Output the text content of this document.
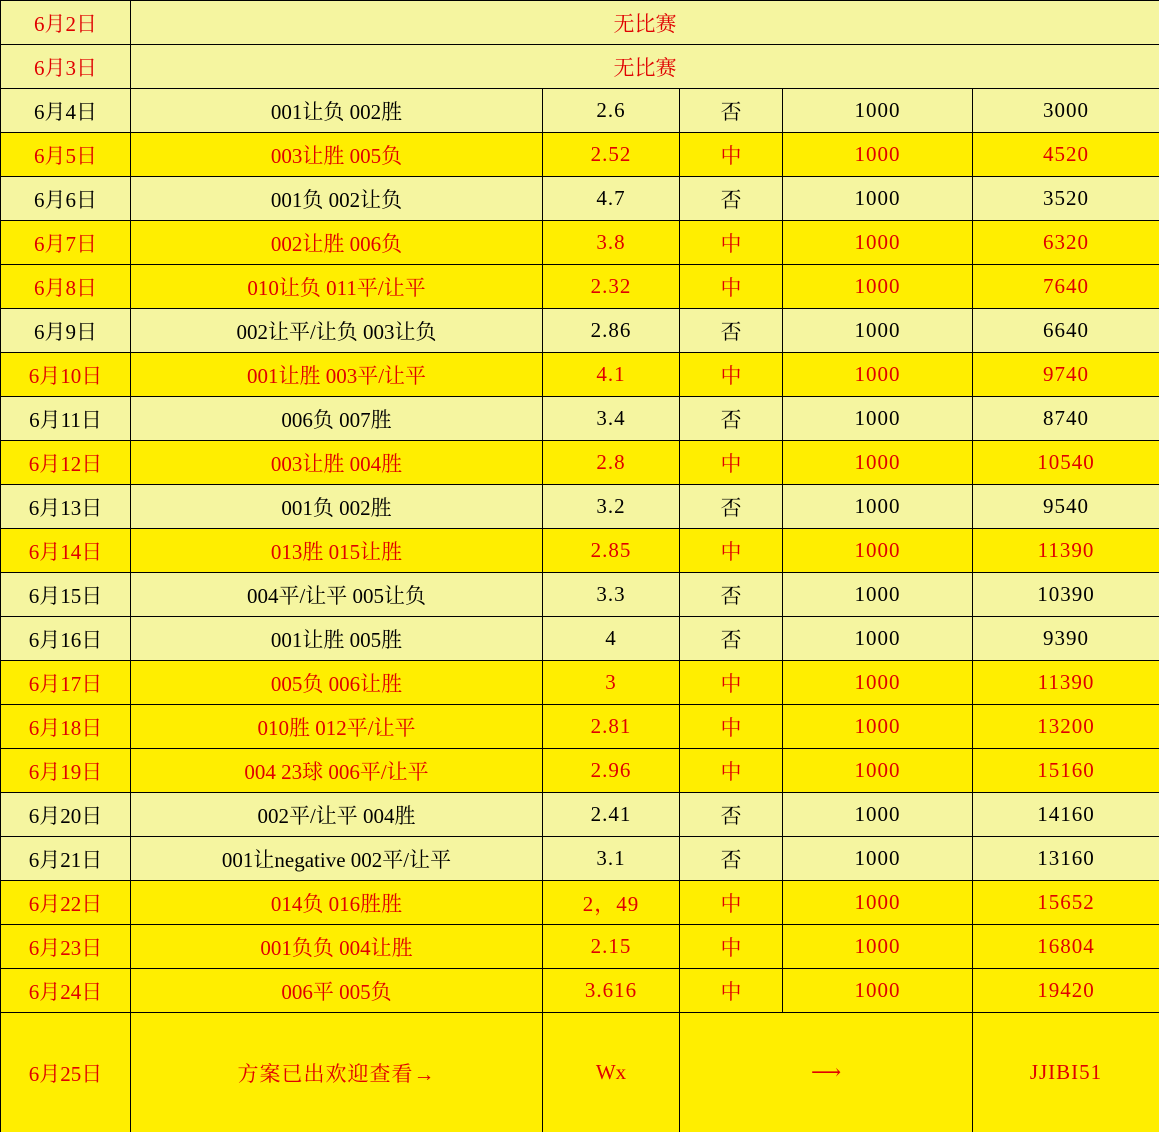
6月2日	无比赛				
6月3日	无比赛				
6月4日	001让负 002胜	2.6	否	1000	3000
6月5日	003让胜 005负	2.52	中	1000	4520
6月6日	001负 002让负	4.7	否	1000	3520
6月7日	002让胜 006负	3.8	中	1000	6320
6月8日	010让负 011平/让平	2.32	中	1000	7640
6月9日	002让平/让负 003让负	2.86	否	1000	6640
6月10日	001让胜 003平/让平	4.1	中	1000	9740
6月11日	006负 007胜	3.4	否	1000	8740
6月12日	003让胜 004胜	2.8	中	1000	10540
6月13日	001负 002胜	3.2	否	1000	9540
6月14日	013胜 015让胜	2.85	中	1000	11390
6月15日	004平/让平 005让负	3.3	否	1000	10390
6月16日	001让胜 005胜	4	否	1000	9390
6月17日	005负 006让胜	3	中	1000	11390
6月18日	010胜 012平/让平	2.81	中	1000	13200
6月19日	004 23球 006平/让平	2.96	中	1000	15160
6月20日	002平/让平 004胜	2.41	否	1000	14160
6月21日	001让negative 002平/让平	3.1	否	1000	13160
6月22日	014负 016胜胜	2，49	中	1000	15652
6月23日	001负负 004让胜	2.15	中	1000	16804
6月24日	006平 005负	3.616	中	1000	19420
6月25日	方案已出欢迎查看→	Wx	⟶		JJIBI51
